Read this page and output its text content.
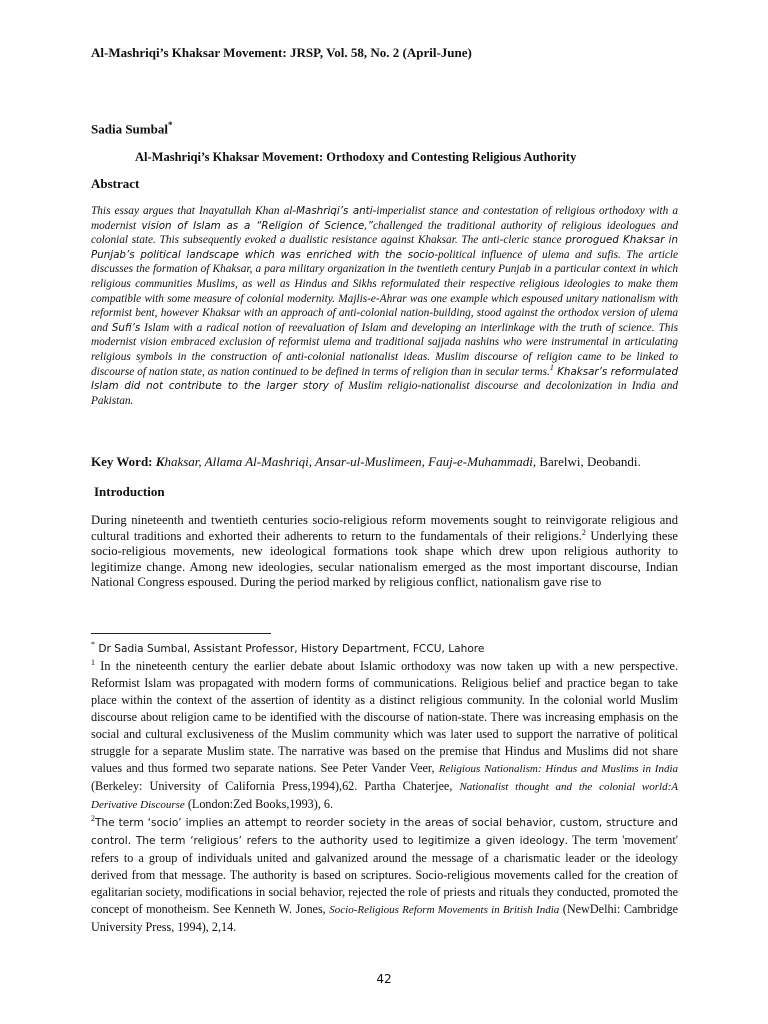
Al-Mashriqi’s Khaksar Movement: JRSP, Vol. 58, No. 2 (April-June)
Sadia Sumbal*
Al-Mashriqi’s Khaksar Movement: Orthodoxy and Contesting Religious Authority
Abstract
This essay argues that Inayatullah Khan al-Mashriqi’s anti-imperialist stance and contestation of religious orthodoxy with a modernist vision of Islam as a “Religion of Science,”challenged the traditional authority of religious ideologues and colonial state. This subsequently evoked a dualistic resistance against Khaksar. The anti-cleric stance prorogued Khaksar in Punjab’s political landscape which was enriched with the socio-political influence of ulema and sufis. The article discusses the formation of Khaksar, a para military organization in the twentieth century Punjab in a particular context in which religious communities Muslims, as well as Hindus and Sikhs reformulated their respective religious ideologies to make them compatible with some measure of colonial modernity. Majlis-e-Ahrar was one example which espoused unitary nationalism with reformist bent, however Khaksar with an approach of anti-colonial nation-building, stood against the orthodox version of ulema and Sufi’s Islam with a radical notion of reevaluation of Islam and developing an interlinkage with the truth of science. This modernist vision embraced exclusion of reformist ulema and traditional sajjada nashins who were instrumental in articulating religious symbols in the construction of anti-colonial nationalist ideas. Muslim discourse of religion came to be linked to discourse of nation state, as nation continued to be defined in terms of religion than in secular terms.$^1$ Khaksar’s reformulated Islam did not contribute to the larger story of Muslim religio-nationalist discourse and decolonization in India and Pakistan.
Key Word: Khaksar, Allama Al-Mashriqi, Ansar-ul-Muslimeen, Fauj-e-Muhammadi, Barelwi, Deobandi.
Introduction
During nineteenth and twentieth centuries socio-religious reform movements sought to reinvigorate religious and cultural traditions and exhorted their adherents to return to the fundamentals of their religions.$^2$ Underlying these socio-religious movements, new ideological formations took shape which drew upon religious authority to legitimize change. Among new ideologies, secular nationalism emerged as the most important discourse, Indian National Congress espoused. During the period marked by religious conflict, nationalism gave rise to

* Dr Sadia Sumbal, Assistant Professor, History Department, FCCU, Lahore

$^1$ In the nineteenth century the earlier debate about Islamic orthodoxy was now taken up with a new perspective. Reformist Islam was propagated with modern forms of communications. Religious belief and practice began to take place within the context of the assertion of identity as a distinct religious community. In the colonial world Muslim discourse about religion came to be identified with the discourse of nation-state. There was increasing emphasis on the social and cultural exclusiveness of the Muslim community which was later used to support the narrative of political struggle for a separate Muslim state. The narrative was based on the premise that Hindus and Muslims did not share values and thus formed two separate nations. See Peter Vander Veer, Religious Nationalism: Hindus and Muslims in India (Berkeley: University of California Press,1994),62. Partha Chaterjee, Nationalist thought and the colonial world:A Derivative Discourse (London:Zed Books,1993), 6.

$^2$The term ‘socio’ implies an attempt to reorder society in the areas of social behavior, custom, structure and control. The term ‘religious’ refers to the authority used to legitimize a given ideology. The term 'movement' refers to a group of individuals united and galvanized around the message of a charismatic leader or the ideology derived from that message. The authority is based on scriptures. Socio-religious movements called for the creation of egalitarian society, modifications in social behavior, rejected the role of priests and rituals they conducted, promoted the concept of monotheism. See Kenneth W. Jones, Socio-Religious Reform Movements in British India (NewDelhi: Cambridge University Press, 1994), 2,14.

42
